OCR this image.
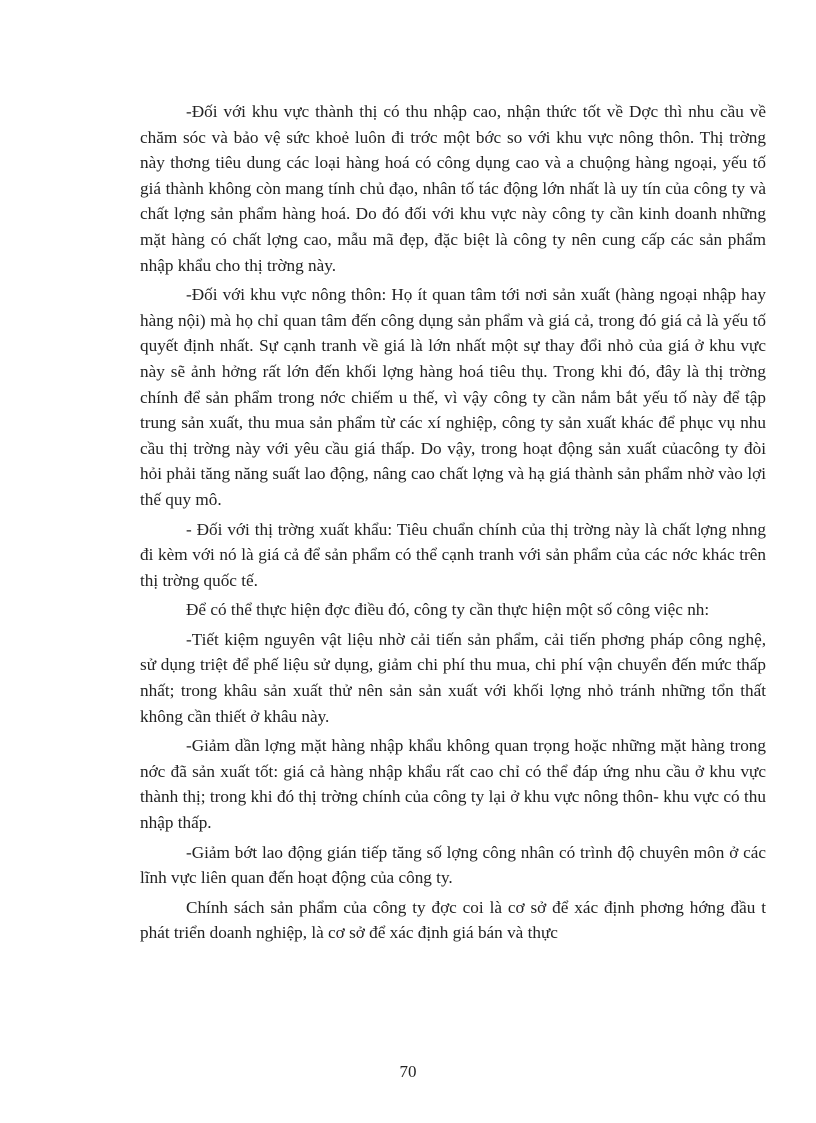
-Đối với khu vực thành thị có thu nhập cao, nhận thức tốt về Dợc thì nhu cầu về chăm sóc và bảo vệ sức khoẻ luôn đi trớc một bớc so với khu vực nông thôn. Thị trờng này thơng tiêu dung các loại hàng hoá có công dụng cao và a chuộng hàng ngoại, yếu tố giá thành không còn mang tính chủ đạo, nhân tố tác động lớn nhất là uy tín của công ty và chất lợng sản phẩm hàng hoá. Do đó đối với khu vực này công ty cần kinh doanh những mặt hàng có chất lợng cao, mẫu mã đẹp, đặc biệt là công ty nên cung cấp các sản phẩm nhập khẩu cho thị trờng này.

-Đối với khu vực nông thôn: Họ ít quan tâm tới nơi sản xuất (hàng ngoại nhập hay hàng nội) mà họ chỉ quan tâm đến công dụng sản phẩm và giá cả, trong đó giá cả là yếu tố quyết định nhất. Sự cạnh tranh về giá là lớn nhất một sự thay đổi nhỏ của giá ở khu vực này sẽ ảnh hởng rất lớn đến khối lợng hàng hoá tiêu thụ. Trong khi đó, đây là thị trờng chính để sản phẩm trong nớc chiếm u thế, vì vậy công ty cần nắm bắt yếu tố này để tập trung sản xuất, thu mua sản phẩm từ các xí nghiệp, công ty sản xuất khác để phục vụ nhu cầu thị trờng này với yêu cầu giá thấp. Do vậy, trong hoạt động sản xuất củacông ty đòi hỏi phải tăng năng suất lao động, nâng cao chất lợng và hạ giá thành sản phẩm nhờ vào lợi thế quy mô.

- Đối với thị trờng xuất khẩu: Tiêu chuẩn chính của thị trờng này là chất lợng nhng đi kèm với nó là giá cả để sản phẩm có thể cạnh tranh với sản phẩm của các nớc khác trên thị trờng quốc tế.

Để có thể thực hiện đợc điều đó, công ty cần thực hiện một số công việc nh:

-Tiết kiệm nguyên vật liệu nhờ cải tiến sản phẩm, cải tiến phơng pháp công nghệ, sử dụng triệt để phế liệu sử dụng, giảm chi phí thu mua, chi phí vận chuyển đến mức thấp nhất; trong khâu sản xuất thử nên sản sản xuất với khối lợng nhỏ tránh những tổn thất không cần thiết ở khâu này.

-Giảm dần lợng mặt hàng nhập khẩu không quan trọng hoặc những mặt hàng trong nớc đã sản xuất tốt: giá cả hàng nhập khẩu rất cao chỉ có thể đáp ứng nhu cầu ở khu vực thành thị; trong khi đó thị trờng chính của công ty lại ở khu vực nông thôn- khu vực có thu nhập thấp.

-Giảm bớt lao động gián tiếp tăng số lợng công nhân có trình độ chuyên môn ở các lĩnh vực liên quan đến hoạt động của công ty.

Chính sách sản phẩm của công ty đợc coi là cơ sở để xác định phơng hớng đầu t phát triển doanh nghiệp, là cơ sở để xác định giá bán và thực

70
